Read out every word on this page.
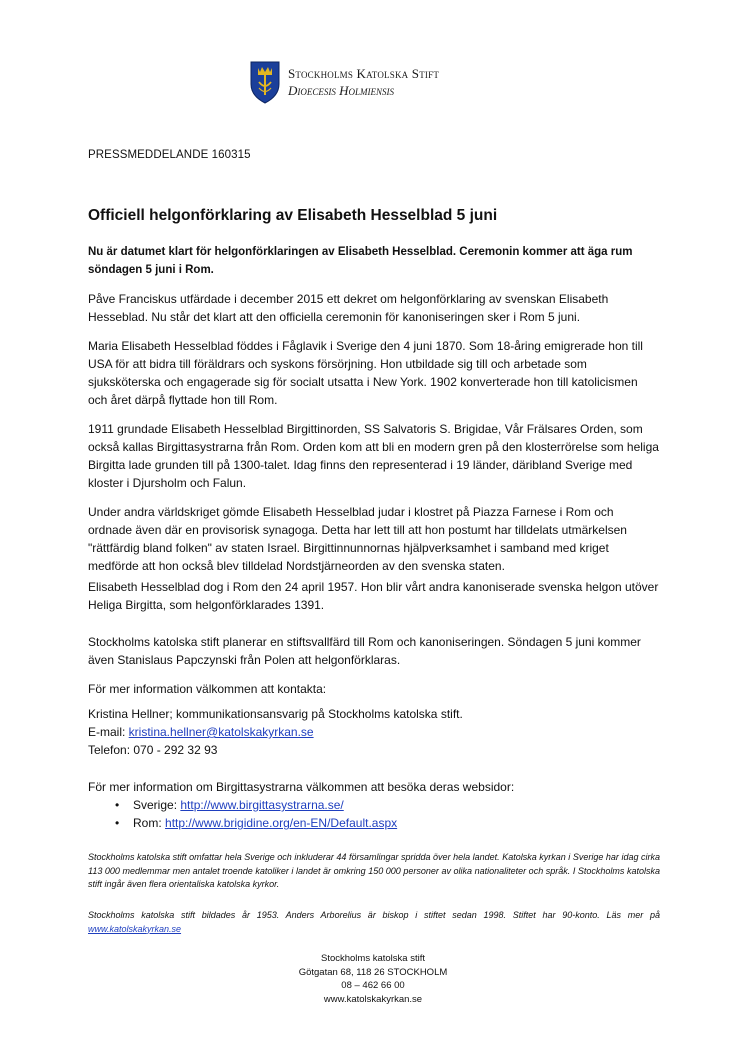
Stockholms Katolska Stift
Dioecesis Holmiensis
PRESSMEDDELANDE 160315
Officiell helgonförklaring av Elisabeth Hesselblad 5 juni

Nu är datumet klart för helgonförklaringen av Elisabeth Hesselblad. Ceremonin kommer att äga rum söndagen 5 juni i Rom.

Påve Franciskus utfärdade i december 2015 ett dekret om helgonförklaring av svenskan Elisabeth Hesseblad. Nu står det klart att den officiella ceremonin för kanoniseringen sker i Rom 5 juni.

Maria Elisabeth Hesselblad föddes i Fåglavik i Sverige den 4 juni 1870. Som 18-åring emigrerade hon till USA för att bidra till föräldrars och syskons försörjning. Hon utbildade sig till och arbetade som sjuksköterska och engagerade sig för socialt utsatta i New York. 1902 konverterade hon till katolicismen och året därpå flyttade hon till Rom.

1911 grundade Elisabeth Hesselblad Birgittinorden, SS Salvatoris S. Brigidae, Vår Frälsares Orden, som också kallas Birgittasystrarna från Rom. Orden kom att bli en modern gren på den klosterrörelse som heliga Birgitta lade grunden till på 1300-talet. Idag finns den representerad i 19 länder, däribland Sverige med kloster i Djursholm och Falun.

Under andra världskriget gömde Elisabeth Hesselblad judar i klostret på Piazza Farnese i Rom och ordnade även där en provisorisk synagoga. Detta har lett till att hon postumt har tilldelats utmärkelsen "rättfärdig bland folken" av staten Israel. Birgittinnunnornas hjälpverksamhet i samband med kriget medförde att hon också blev tilldelad Nordstjärneorden av den svenska staten.

Elisabeth Hesselblad dog i Rom den 24 april 1957. Hon blir vårt andra kanoniserade svenska helgon utöver Heliga Birgitta, som helgonförklarades 1391.

Stockholms katolska stift planerar en stiftsvallfärd till Rom och kanoniseringen. Söndagen 5 juni kommer även Stanislaus Papczynski från Polen att helgonförklaras.

För mer information välkommen att kontakta:

Kristina Hellner; kommunikationsansvarig på Stockholms katolska stift.
E-mail: kristina.hellner@katolskakyrkan.se
Telefon: 070 - 292 32 93
För mer information om Birgittasystrarna välkommen att besöka deras websidor:
• Sverige: http://www.birgittasystrarna.se/
• Rom: http://www.brigidine.org/en-EN/Default.aspx

Stockholms katolska stift omfattar hela Sverige och inkluderar 44 församlingar spridda över hela landet. Katolska kyrkan i Sverige har idag cirka 113 000 medlemmar men antalet troende katoliker i landet är omkring 150 000 personer av olika nationaliteter och språk. I Stockholms katolska stift ingår även flera orientaliska katolska kyrkor.

Stockholms katolska stift bildades år 1953. Anders Arborelius är biskop i stiftet sedan 1998. Stiftet har 90-konto. Läs mer på www.katolskakyrkan.se

Stockholms katolska stift
Götgatan 68, 118 26 STOCKHOLM
08 – 462 66 00
www.katolskakyrkan.se
